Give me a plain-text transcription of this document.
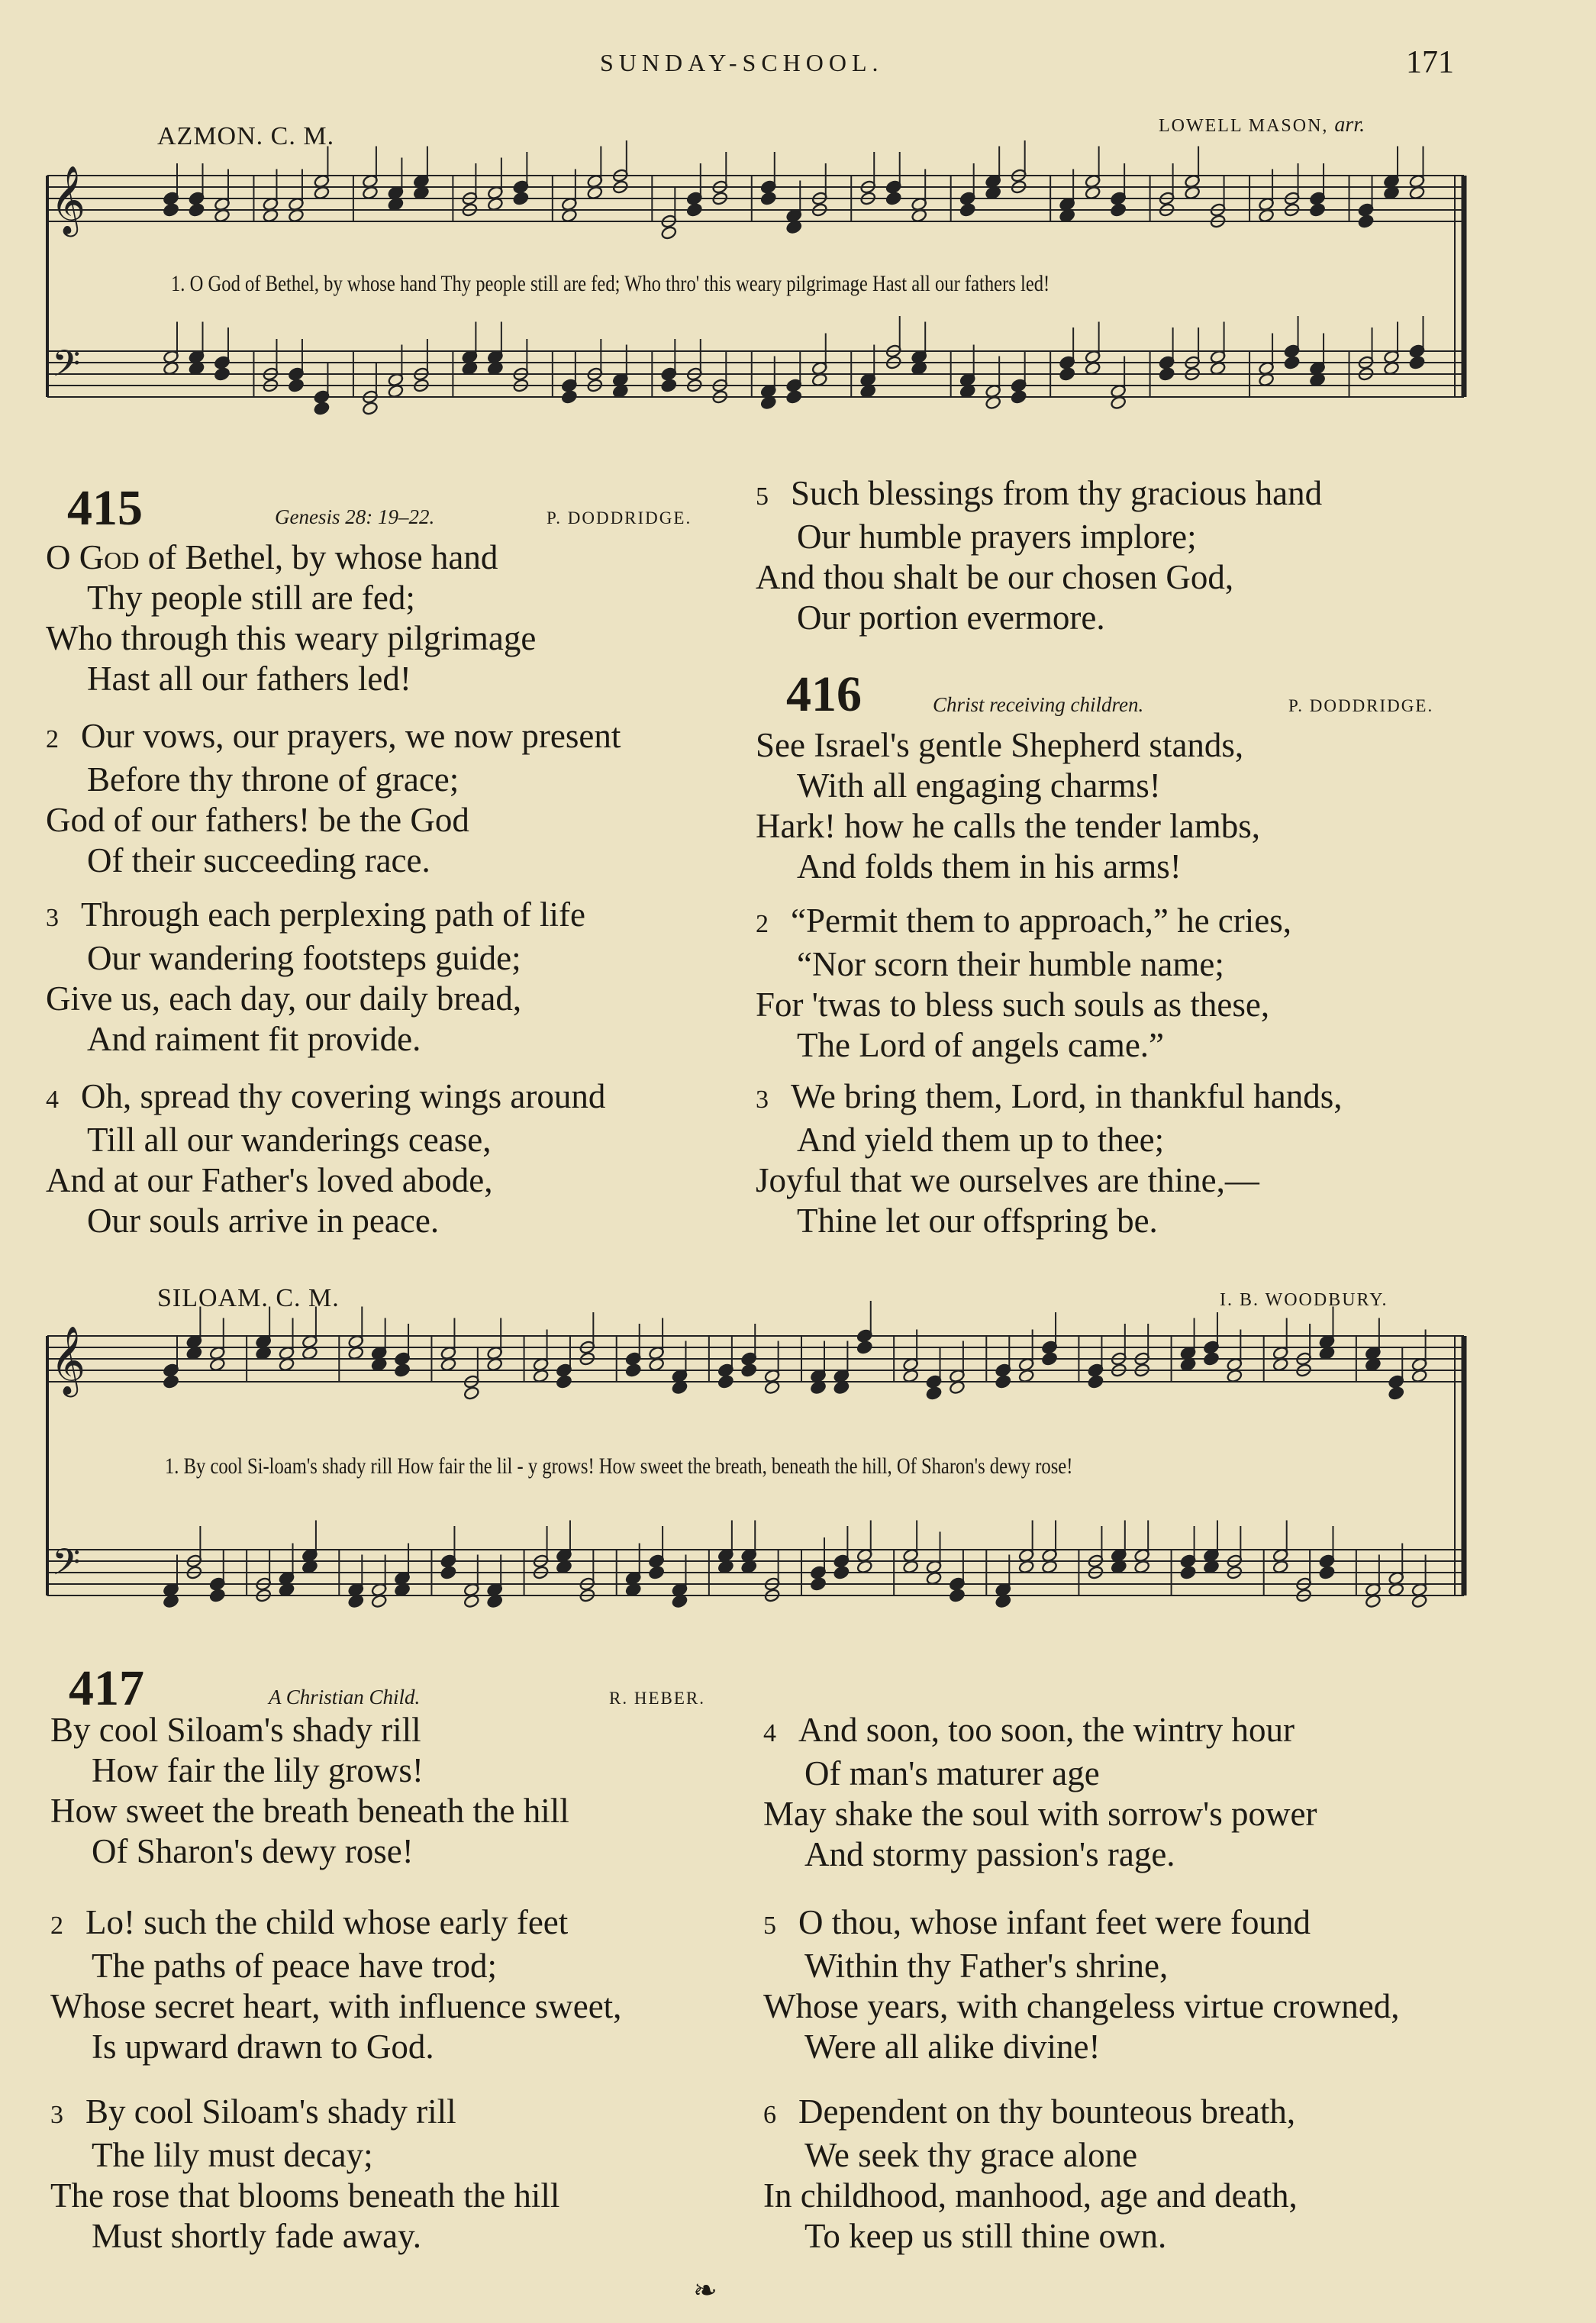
SUNDAY-SCHOOL.	171
AZMON. C. M.	LOWELL MASON, arr.
𝄞
𝄢
1. O God of Bethel, by whose hand Thy people still are fed; Who thro' this weary pilgrimage Hast all our fathers led!
415	Genesis 28: 19–22.	P. DODDRIDGE.
O God of Bethel, by whose hand
Thy people still are fed;
Who through this weary pilgrimage
Hast all our fathers led!
2 Our vows, our prayers, we now present
Before thy throne of grace;
God of our fathers! be the God
Of their succeeding race.
3 Through each perplexing path of life
Our wandering footsteps guide;
Give us, each day, our daily bread,
And raiment fit provide.
4 Oh, spread thy covering wings around
Till all our wanderings cease,
And at our Father's loved abode,
Our souls arrive in peace.
5 Such blessings from thy gracious hand
Our humble prayers implore;
And thou shalt be our chosen God,
Our portion evermore.
416	Christ receiving children.	P. DODDRIDGE.
See Israel's gentle Shepherd stands,
With all engaging charms!
Hark! how he calls the tender lambs,
And folds them in his arms!
2 “Permit them to approach,” he cries,
“Nor scorn their humble name;
For 'twas to bless such souls as these,
The Lord of angels came.”
3 We bring them, Lord, in thankful hands,
And yield them up to thee;
Joyful that we ourselves are thine,—
Thine let our offspring be.
SILOAM. C. M.	I. B. WOODBURY.
𝄞
𝄢
1. By cool Si-loam's shady rill How fair the lil - y grows! How sweet the breath, beneath the hill, Of Sharon's dewy rose!
417	A Christian Child.	R. HEBER.
By cool Siloam's shady rill
How fair the lily grows!
How sweet the breath beneath the hill
Of Sharon's dewy rose!
2 Lo! such the child whose early feet
The paths of peace have trod;
Whose secret heart, with influence sweet,
Is upward drawn to God.
3 By cool Siloam's shady rill
The lily must decay;
The rose that blooms beneath the hill
Must shortly fade away.
4 And soon, too soon, the wintry hour
Of man's maturer age
May shake the soul with sorrow's power
And stormy passion's rage.
5 O thou, whose infant feet were found
Within thy Father's shrine,
Whose years, with changeless virtue crowned,
Were all alike divine!
6 Dependent on thy bounteous breath,
We seek thy grace alone
In childhood, manhood, age and death,
To keep us still thine own.
❧
